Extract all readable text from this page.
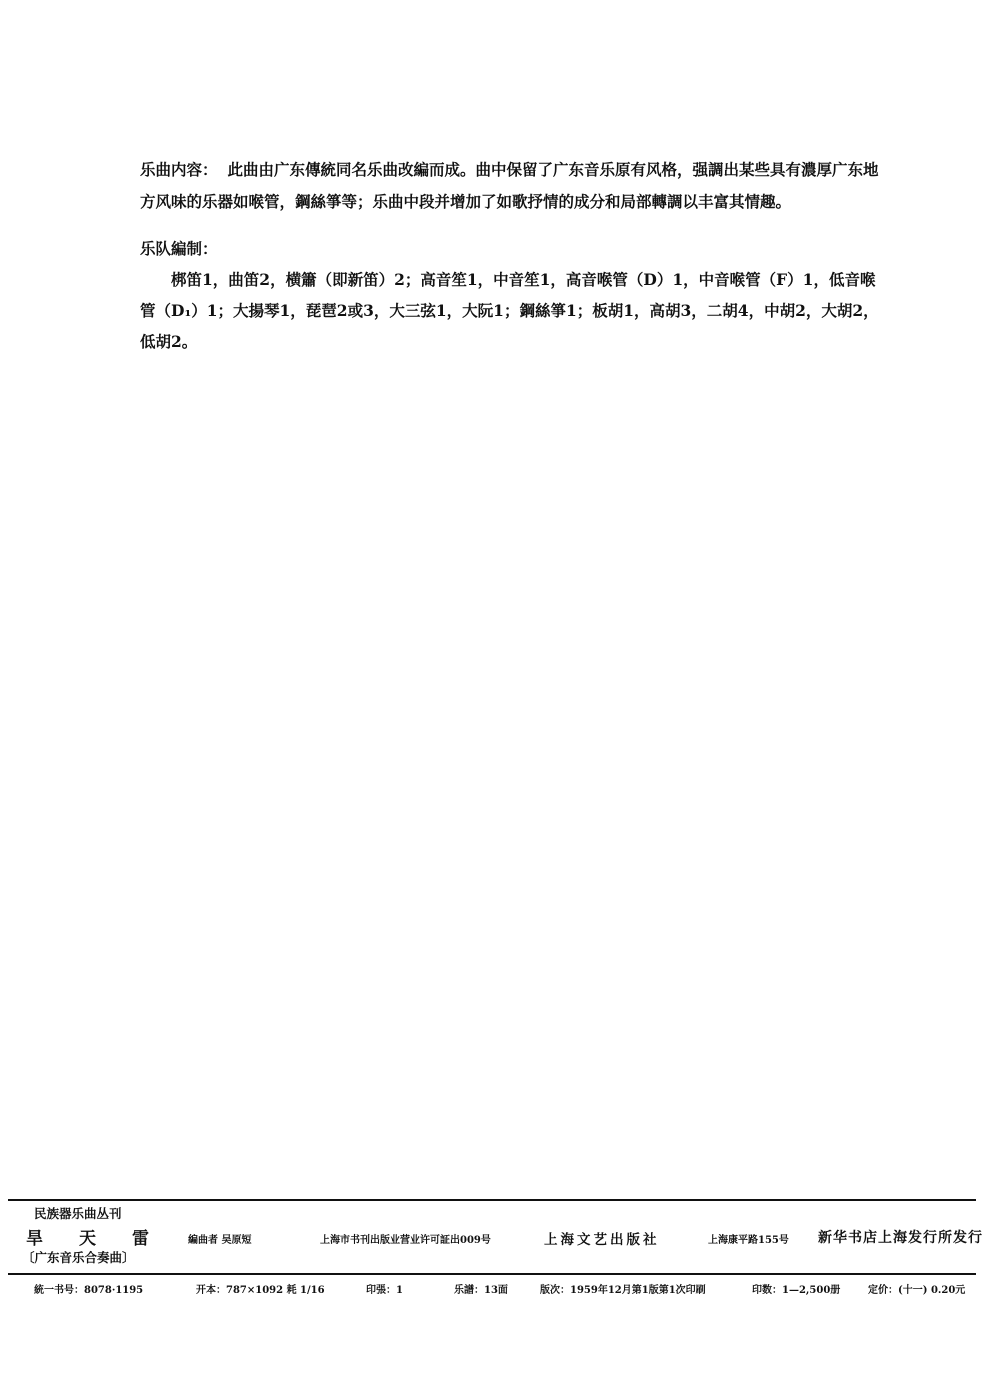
乐曲内容： 此曲由广东傳統同名乐曲改編而成。曲中保留了广东音乐原有风格，强調出某些具有濃厚广东地方风味的乐器如喉管，鋼絲箏等；乐曲中段并增加了如歌抒情的成分和局部轉調以丰富其情趣。

乐队編制：

梆笛1，曲笛2，横簫（即新笛）2；高音笙1，中音笙1，高音喉管（D）1，中音喉管（F）1，低音喉管（D₁）1；大揚琴1，琵琶2或3，大三弦1，大阮1；鋼絲箏1；板胡1，高胡3，二胡4，中胡2，大胡2，低胡2。

民族器乐曲丛刊
旱天雷
〔广东音乐合奏曲〕
編曲者 吴原短	上海市书刊出版业营业许可証出009号	上海文艺出版社	上海康平路155号 新华书店上海发行所发行
統一书号：8078·1195	开本：787×1092 耗 1/16	印張：1	乐譜：13面	版次：1959年12月第1版第1次印刷	印数：1—2,500册	定价：(十一) 0.20元
